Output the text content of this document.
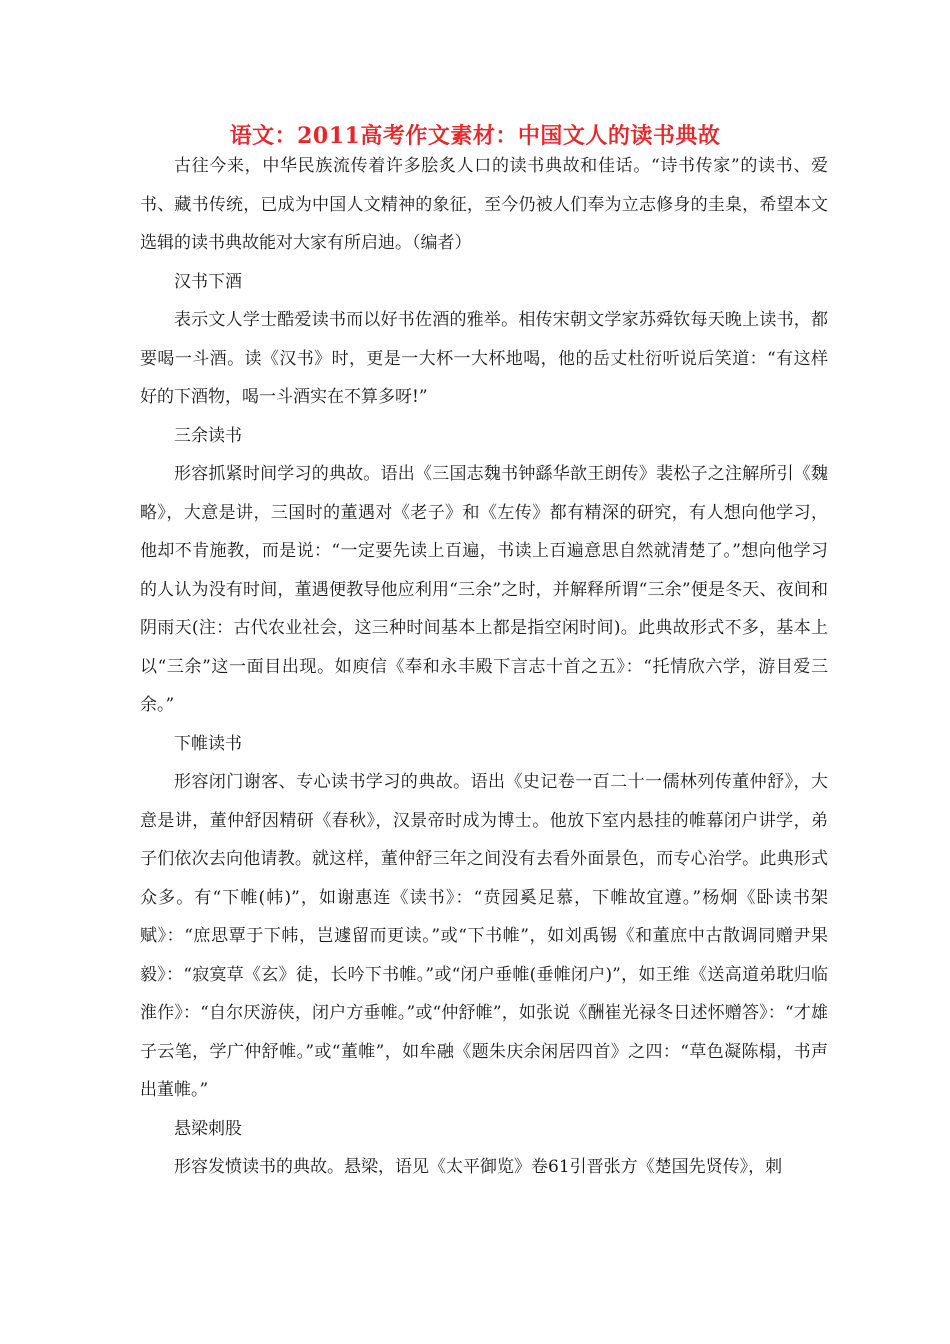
语文：2011高考作文素材：中国文人的读书典故

古往今来，中华民族流传着许多脍炙人口的读书典故和佳话。“诗书传家”的读书、爱书、藏书传统，已成为中国人文精神的象征，至今仍被人们奉为立志修身的圭臬，希望本文选辑的读书典故能对大家有所启迪。（编者）

汉书下酒

表示文人学士酷爱读书而以好书佐酒的雅举。相传宋朝文学家苏舜钦每天晚上读书，都要喝一斗酒。读《汉书》时，更是一大杯一大杯地喝，他的岳丈杜衍听说后笑道：“有这样好的下酒物，喝一斗酒实在不算多呀!”

三余读书

形容抓紧时间学习的典故。语出《三国志魏书钟繇华歆王朗传》裴松子之注解所引《魏略》，大意是讲，三国时的董遇对《老子》和《左传》都有精深的研究，有人想向他学习，他却不肯施教，而是说：“一定要先读上百遍，书读上百遍意思自然就清楚了。”想向他学习的人认为没有时间，董遇便教导他应利用“三余”之时，并解释所谓“三余”便是冬天、夜间和阴雨天(注：古代农业社会，这三种时间基本上都是指空闲时间)。此典故形式不多，基本上以“三余”这一面目出现。如庾信《奉和永丰殿下言志十首之五》：“托情欣六学，游目爱三余。”

下帷读书

形容闭门谢客、专心读书学习的典故。语出《史记卷一百二十一儒林列传董仲舒》，大意是讲，董仲舒因精研《春秋》，汉景帝时成为博士。他放下室内悬挂的帷幕闭户讲学，弟子们依次去向他请教。就这样，董仲舒三年之间没有去看外面景色，而专心治学。此典形式众多。有“下帷(帏)”，如谢惠连《读书》：“贲园奚足慕，下帷故宜遵。”杨炯《卧读书架赋》：“庶思覃于下帏，岂遽留而更读。”或“下书帷”，如刘禹锡《和董庶中古散调同赠尹果毅》：“寂寞草《玄》徒，长吟下书帷。”或“闭户垂帷(垂帷闭户)”，如王维《送高道弟耽归临淮作》：“自尔厌游侠，闭户方垂帷。”或“仲舒帷”，如张说《酬崔光禄冬日述怀赠答》：“才雄子云笔，学广仲舒帷。”或“董帷”，如牟融《题朱庆余闲居四首》之四：“草色凝陈榻，书声出董帷。”

悬梁刺股

形容发愤读书的典故。悬梁，语见《太平御览》卷61引晋张方《楚国先贤传》，刺
